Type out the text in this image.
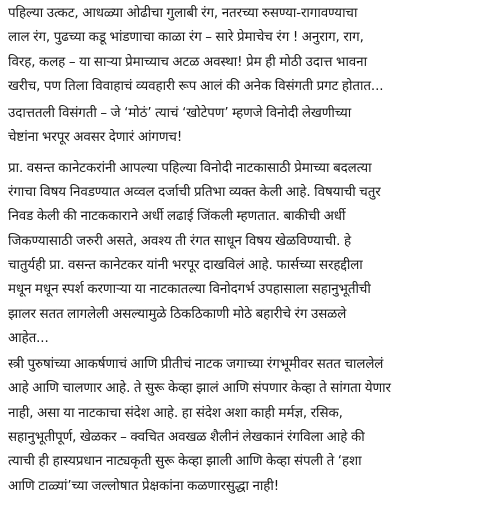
पहिल्या उत्कट, आधळ्या ओढीचा गुलाबी रंग, नतरच्या रुसण्या-रागावण्याचा
लाल रंग, पुढच्या कडू भांडणाचा काळा रंग – सारे प्रेमाचेच रंग ! अनुराग, राग,
विरह, कलह – या साऱ्या प्रेमाच्याच अटळ अवस्था! प्रेम ही मोठी उदात्त भावना
खरीच, पण तिला विवाहाचं व्यवहारी रूप आलं की अनेक विसंगती प्रगट होतात...
उदात्ततली विसंगती – जे ‘मोठं’ त्याचं ‘खोटेपण’ म्हणजे विनोदी लेखणीच्या
चेष्टांना भरपूर अवसर देणारं आंगणच!
प्रा. वसन्त कानेटकरांनी आपल्या पहिल्या विनोदी नाटकासाठी प्रेमाच्या बदलत्या
रंगाचा विषय निवडण्यात अव्वल दर्जाची प्रतिभा व्यक्त केली आहे. विषयाची चतुर
निवड केली की नाटककाराने अर्धी लढाई जिंकली म्हणतात. बाकीची अर्धी
जिकण्यासाठी जरुरी असते, अवश्य ती रंगत साधून विषय खेळविण्याची. हे
चातुर्यही प्रा. वसन्त कानेटकर यांनी भरपूर दाखविलं आहे. फार्सच्या सरहद्दीला
मधून मधून स्पर्श करणाऱ्या या नाटकातल्या विनोदगर्भ उपहासाला सहानुभूतीची
झालर सतत लागलेली असल्यामुळे ठिकठिकाणी मोठे बहारीचे रंग उसळले
आहेत...
स्त्री पुरुषांच्या आकर्षणाचं आणि प्रीतीचं नाटक जगाच्या रंगभूमीवर सतत चाललेलं
आहे आणि चालणार आहे. ते सुरू केव्हा झालं आणि संपणार केव्हा ते सांगता येणार
नाही, असा या नाटकाचा संदेश आहे. हा संदेश अशा काही मर्मज्ञ, रसिक,
सहानुभूतीपूर्ण, खेळकर – क्वचित अवखळ शैलीनं लेखकानं रंगविला आहे की
त्याची ही हास्यप्रधान नाट्यकृती सुरू केव्हा झाली आणि केव्हा संपली ते ‘हशा
आणि टाळ्यां’च्या जल्लोषात प्रेक्षकांना कळणारसुद्धा नाही!
